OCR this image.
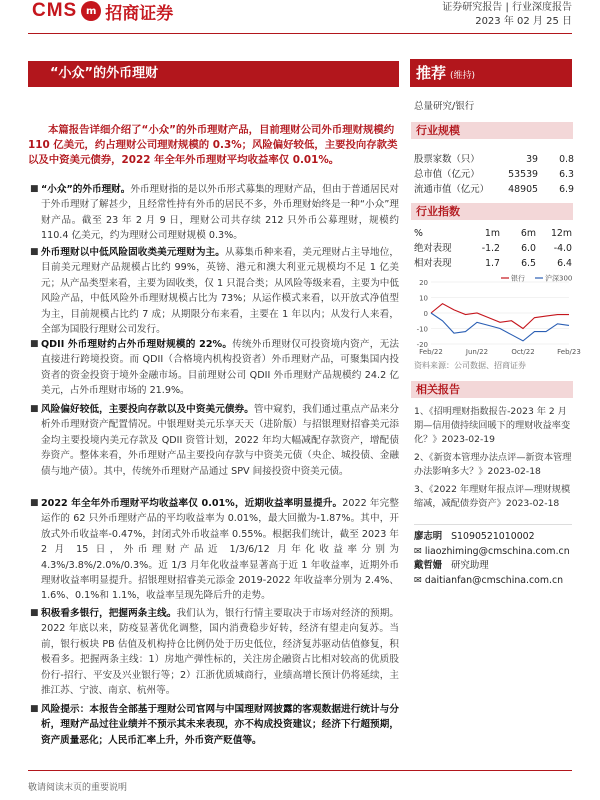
CMS m 招商证券	证券研究报告 | 行业深度报告
2023 年 02 月 25 日
“小众”的外币理财	推荐 (维持)
总量研究/银行
本篇报告详细介绍了“小众”的外币理财产品，目前理财公司外币理财规模约110 亿美元，约占理财公司理财规模的 0.3%；风险偏好较低，主要投向存款类以及中资美元债券，2022 年全年外币理财平均收益率仅 0.01%。
■ “小众”的外币理财。外币理财指的是以外币形式募集的理财产品，但由于普通居民对于外币理财了解甚少，且经常性持有外币的居民不多，外币理财始终是一种“小众”理财产品。截至 23 年 2 月 9 日，理财公司共存续 212 只外币公募理财，规模约 110.4 亿美元，约为理财公司理财规模 0.3%。
■ 外币理财以中低风险固收类美元理财为主。从募集币种来看，美元理财占主导地位，目前美元理财产品规模占比约 99%，英镑、港元和澳大利亚元规模均不足 1 亿美元；从产品类型来看，主要为固收类，仅 1 只混合类；从风险等级来看，主要为中低风险产品，中低风险外币理财规模占比为 73%；从运作模式来看，以开放式净值型为主，目前规模占比约 7 成；从期限分布来看，主要在 1 年以内；从发行人来看，全部为国股行理财公司发行。
■ QDII 外币理财约占外币理财规模的 22%。传统外币理财仅可投资境内资产，无法直接进行跨境投资。而 QDII（合格境内机构投资者）外币理财产品，可聚集国内投资者的资金投资于境外金融市场。目前理财公司 QDII 外币理财产品规模约 24.2 亿美元，占外币理财市场的 21.9%。
■ 风险偏好较低，主要投向存款以及中资美元债券。管中窥豹，我们通过重点产品来分析外币理财资产配置情况。中银理财美元乐享天天（进阶版）与招银理财招睿美元添金均主要投境内美元存款及 QDII 资管计划，2022 年均大幅减配存款资产，增配债券资产。整体来看，外币理财产品主要投向存款与中资美元债（央企、城投债、金融债与地产债）。其中，传统外币理财产品通过 SPV 间接投资中资美元债。
■ 2022 年全年外币理财平均收益率仅 0.01%，近期收益率明显提升。2022 年完整运作的 62 只外币理财产品的平均收益率为 0.01%，最大回撤为-1.87%。其中，开放式外币收益率-0.47%，封闭式外币收益率 0.55%。根据我们统计，截至 2023 年 2 月 15 日，外币理财产品近 1/3/6/12 月年化收益率分别为 4.3%/3.8%/2.0%/0.3%。近 1/3 月年化收益率显著高于近 1 年收益率，近期外币理财收益率明显提升。招银理财招睿美元添金 2019-2022 年收益率分别为 2.4%、1.6%、0.1%和 1.1%，收益率呈现先降后升的走势。
■ 积极看多银行，把握两条主线。我们认为，银行行情主要取决于市场对经济的预期。2022 年底以来，防疫显著优化调整，国内消费稳步好转，经济有望走向复苏。当前，银行板块 PB 估值及机构持仓比例仍处于历史低位，经济复苏驱动估值修复，积极看多。把握两条主线：1）房地产弹性标的，关注房企融资占比相对较高的优质股份行-招行、平安及兴业银行等；2）江浙优质城商行，业绩高增长预计仍将延续，主推江苏、宁波、南京、杭州等。
■ 风险提示：本报告全部基于理财公司官网与中国理财网披露的客观数据进行统计与分析，理财产品过往业绩并不预示其未来表现，亦不构成投资建议；经济下行超预期，资产质量恶化；人民币汇率上升，外币资产贬值等。
行业规模
股票家数（只）	39	0.8
总市值（亿元）	53539	6.3
流通市值（亿元）	48905	6.9
行业指数
%	1m	6m	12m
绝对表现	-1.2	6.0	-4.0
相对表现	1.7	6.5	6.4
20
10
0
-10
-20
Feb/22	Jun/22	Oct/22	Feb/23
银行	沪深300
资料来源：公司数据、招商证券
相关报告
1、《招明理财指数报告-2023 年 2 月期—信用债持续回暖下的理财收益率变化？》2023-02-19
2、《新资本管理办法点评—新资本管理办法影响多大？》2023-02-18
3、《2022 年理财年报点评—理财规模缩减，减配债券资产》2023-02-18
廖志明 S1090521010002
✉ liaozhiming@cmschina.com.cn
戴哲姗 研究助理
✉ daitianfan@cmschina.com.cn
敬请阅读末页的重要说明
